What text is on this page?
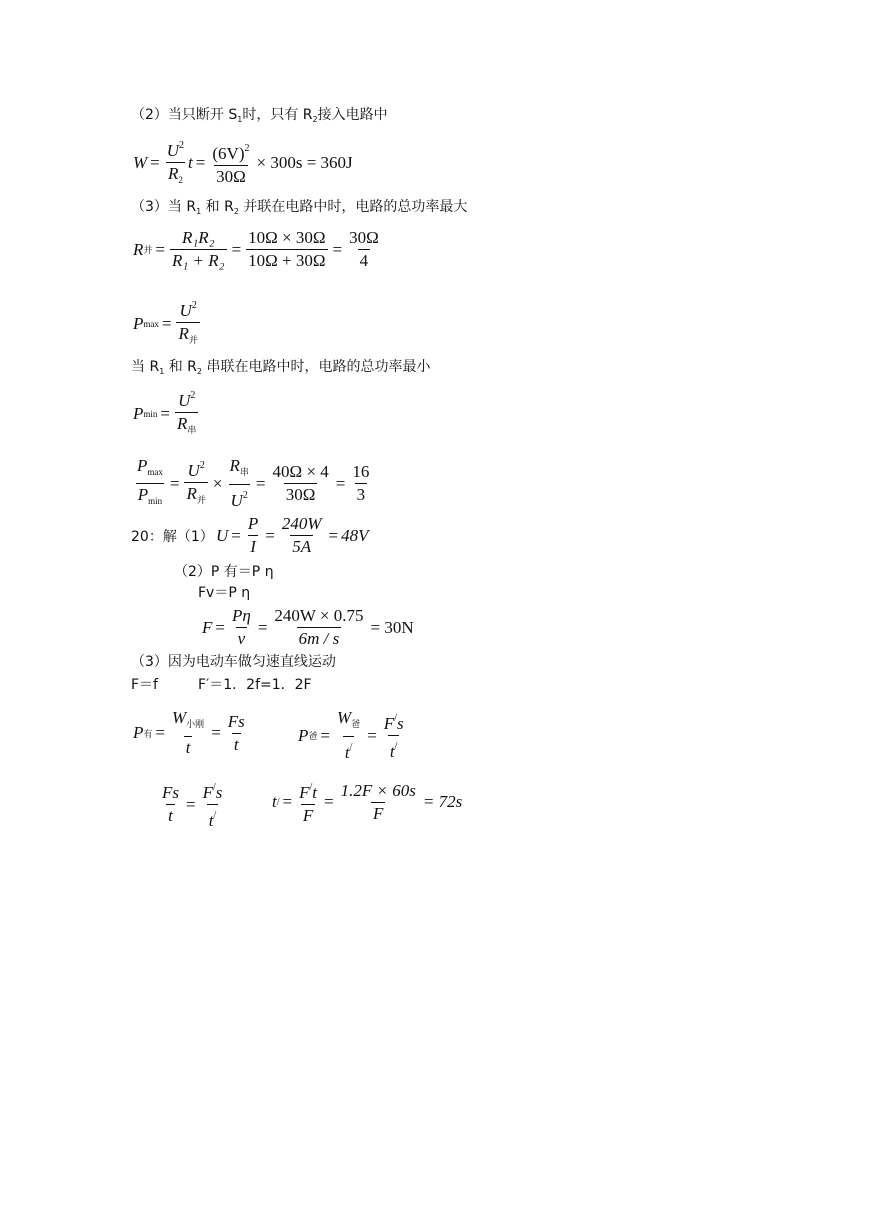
（2）当只断开 $S_1$时，只有 $R_2$接入电路中
$W = \frac{U^2}{R_2}$ $t = \frac{(6V)^2}{30\Omega} \times 300s = 360J$
（3）当 $R_1$ 和 $R_2$ 并联在电路中时，电路的总功率最大
R 并 = $\frac{\text{R₁R₂}}{\text{R₁ + R₂}} = \frac{10\Omega \times 30\Omega}{10\Omega + 30\Omega} = \frac{30\Omega}{4}$
P $\max = \frac{U^2}{R_并}$
当 $R_1$ 和 $R_2$ 串联在电路中时，电路的总功率最小
P $\min = \frac{U^2}{R_串}$
$\frac{P_{max}}{P_{min}} = \frac{U^2}{R_并} \times \frac{R_串}{U^2} = \frac{40\Omega \times 4}{30\Omega} = \frac{16}{3}$
20：解（1） $U = \frac{P}{I} = \frac{240W}{5A} = 48V$
（2）P 有＝P η
Fv＝P η
$F = \frac{P\eta}{v} = \frac{240W \times 0.75}{6m / s} = 30N$
（3）因为电动车做匀速直线运动
F＝f         F′＝1．2f=1．2F
P 有 = $\frac{W_{小刚}}{t} = \frac{Fs}{t}$	P 爸 = $\frac{W_爸}{t^/} = \frac{F^/s}{t^/}$
$\frac{Fs}{t} = \frac{F^/s}{t^/}$	t / = $\frac{F^/t}{F} = \frac{1.2F \times 60s}{F} = 72s$
